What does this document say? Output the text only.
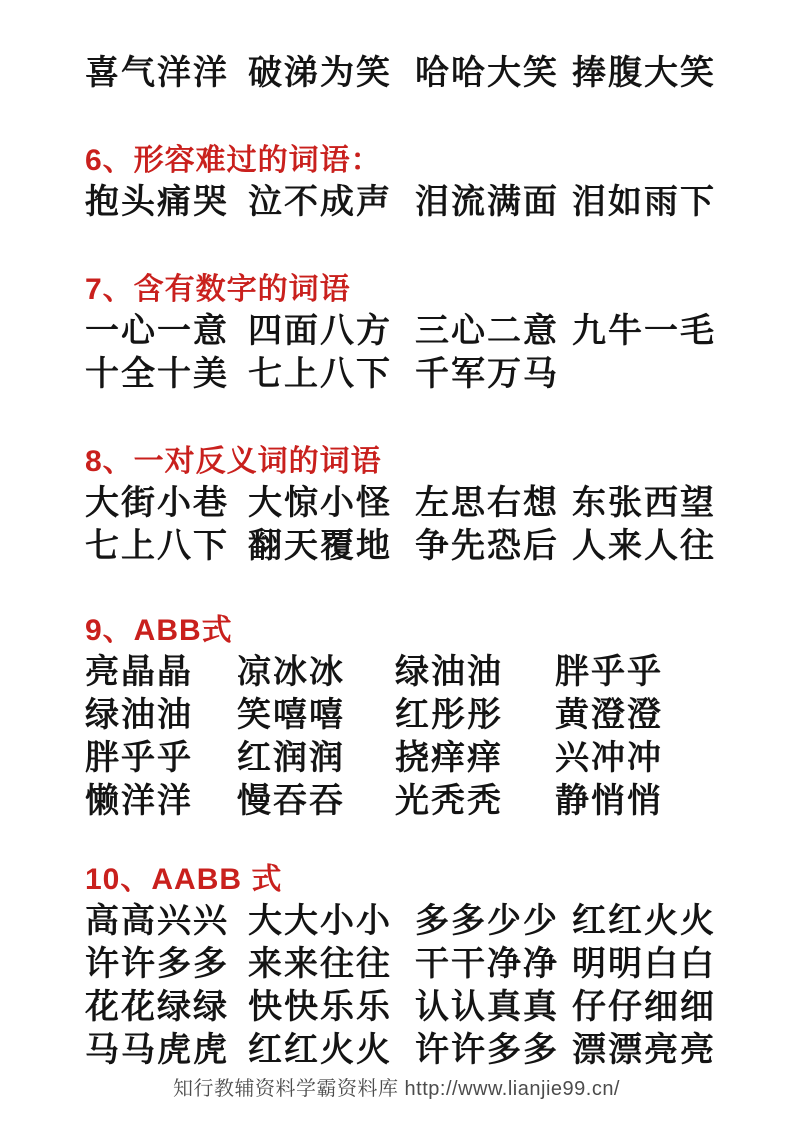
喜气洋洋 破涕为笑 哈哈大笑 捧腹大笑
6、形容难过的词语：
抱头痛哭 泣不成声 泪流满面 泪如雨下
7、含有数字的词语
一心一意 四面八方 三心二意 九牛一毛
十全十美 七上八下 千军万马
8、一对反义词的词语
大街小巷 大惊小怪 左思右想 东张西望
七上八下 翻天覆地 争先恐后 人来人往
9、ABB式
亮晶晶	凉冰冰	绿油油	胖乎乎
绿油油	笑嘻嘻	红彤彤	黄澄澄
胖乎乎	红润润	挠痒痒	兴冲冲
懒洋洋	慢吞吞	光秃秃	静悄悄
10、AABB 式
高高兴兴 大大小小 多多少少 红红火火
许许多多 来来往往 干干净净 明明白白
花花绿绿 快快乐乐 认认真真 仔仔细细
马马虎虎 红红火火 许许多多 漂漂亮亮
知行教辅资料学霸资料库 http://www.lianjie99.cn/
